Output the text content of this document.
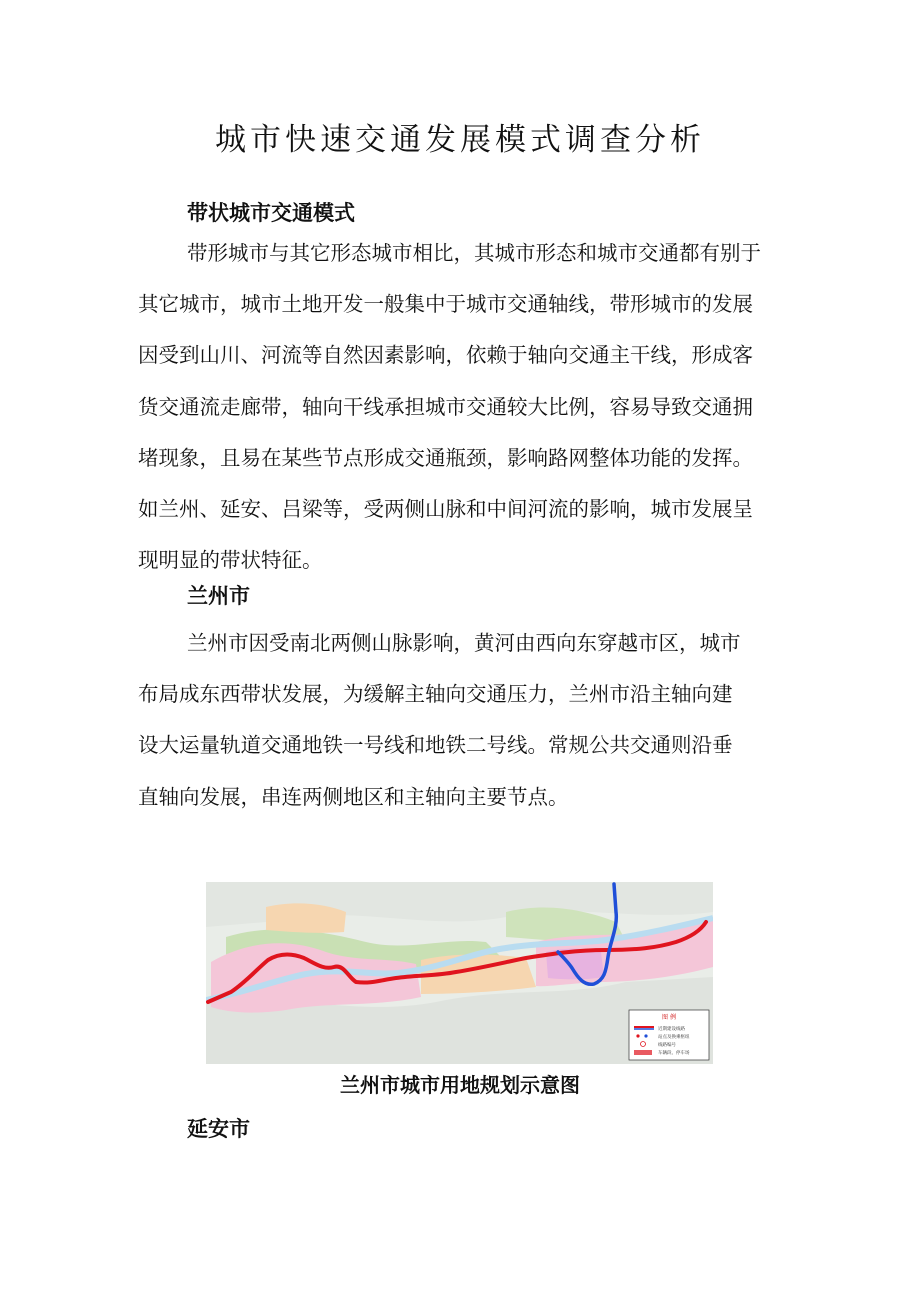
城市快速交通发展模式调查分析
带状城市交通模式
带形城市与其它形态城市相比，其城市形态和城市交通都有别于
其它城市，城市土地开发一般集中于城市交通轴线，带形城市的发展
因受到山川、河流等自然因素影响，依赖于轴向交通主干线，形成客
货交通流走廊带，轴向干线承担城市交通较大比例，容易导致交通拥
堵现象，且易在某些节点形成交通瓶颈，影响路网整体功能的发挥。
如兰州、延安、吕梁等，受两侧山脉和中间河流的影响，城市发展呈
现明显的带状特征。
兰州市
兰州市因受南北两侧山脉影响，黄河由西向东穿越市区，城市
布局成东西带状发展，为缓解主轴向交通压力，兰州市沿主轴向建
设大运量轨道交通地铁一号线和地铁二号线。常规公共交通则沿垂
直轴向发展，串连两侧地区和主轴向主要节点。
图 例
近期建设线路
站点及换乘枢纽
线路编号
车辆段、停车场
兰州市城市用地规划示意图
延安市
